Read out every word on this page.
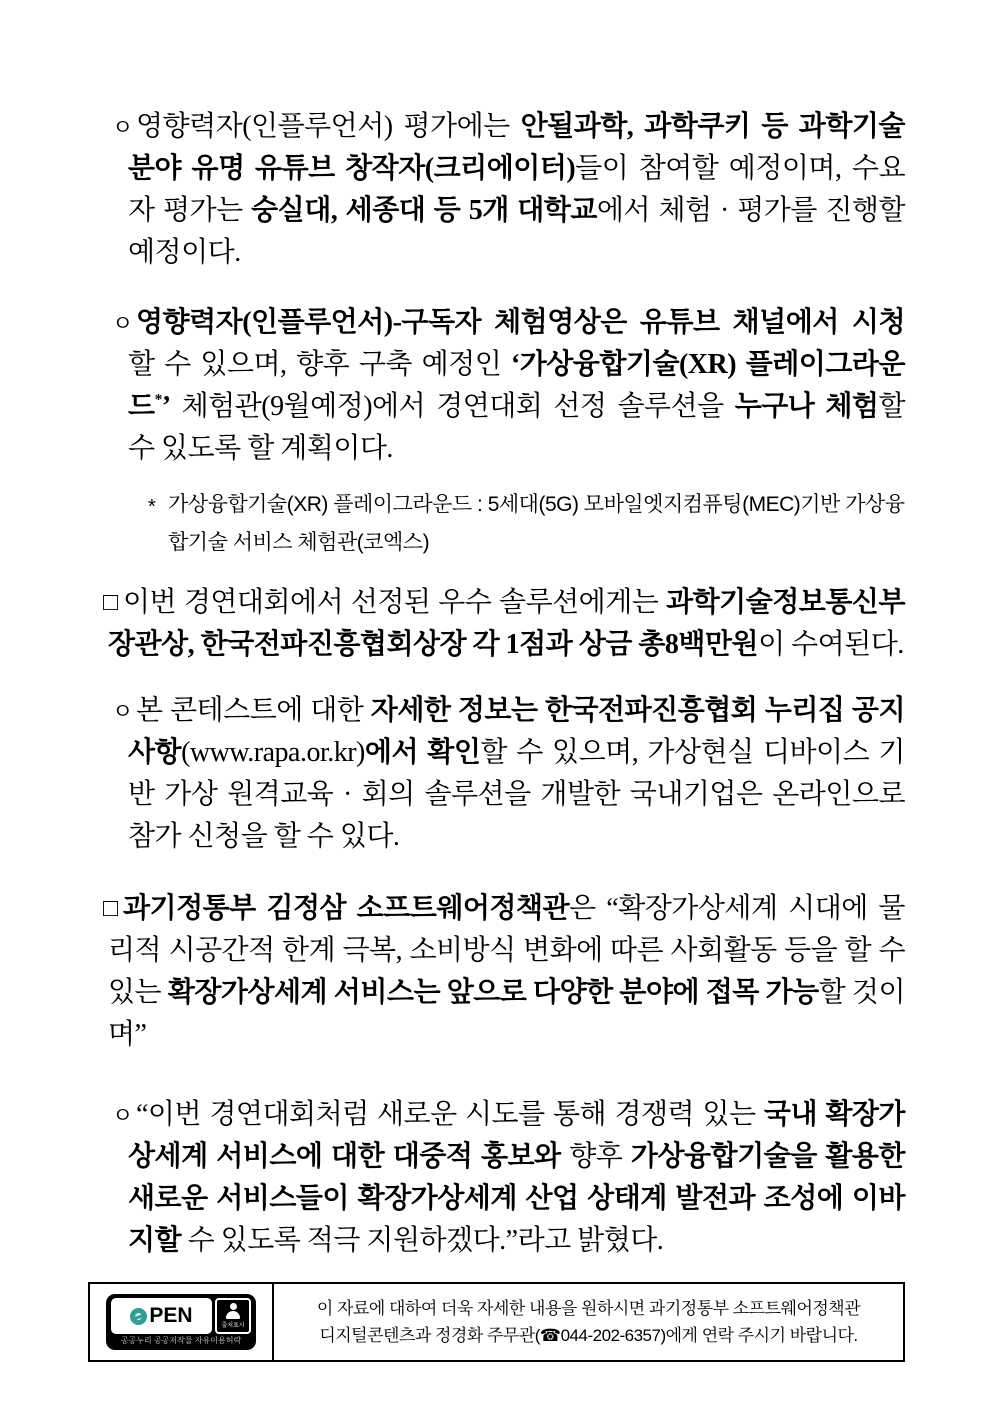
ㅇ 영향력자(인플루언서) 평가에는 안될과학, 과학쿠키 등 과학기술 분야 유명 유튜브 창작자(크리에이터)들이 참여할 예정이며, 수요자 평가는 숭실대, 세종대 등 5개 대학교에서 체험 · 평가를 진행할 예정이다.
ㅇ 영향력자(인플루언서)-구독자 체험영상은 유튜브 채널에서 시청할 수 있으며, 향후 구축 예정인 ‘가상융합기술(XR) 플레이그라운드*’ 체험관(9월예정)에서 경연대회 선정 솔루션을 누구나 체험할 수 있도록 할 계획이다.
* 가상융합기술(XR) 플레이그라운드 : 5세대(5G) 모바일엣지컴퓨팅(MEC)기반 가상융합기술 서비스 체험관(코엑스)
□ 이번 경연대회에서 선정된 우수 솔루션에게는 과학기술정보통신부 장관상, 한국전파진흥협회상장 각 1점과 상금 총8백만원이 수여된다.
ㅇ 본 콘테스트에 대한 자세한 정보는 한국전파진흥협회 누리집 공지사항(www.rapa.or.kr)에서 확인할 수 있으며, 가상현실 디바이스 기반 가상 원격교육 · 회의 솔루션을 개발한 국내기업은 온라인으로 참가 신청을 할 수 있다.
□ 과기정통부 김정삼 소프트웨어정책관은 “확장가상세계 시대에 물리적 시공간적 한계 극복, 소비방식 변화에 따른 사회활동 등을 할 수 있는 확장가상세계 서비스는 앞으로 다양한 분야에 접목 가능할 것이며”
ㅇ “이번 경연대회처럼 새로운 시도를 통해 경쟁력 있는 국내 확장가상세계 서비스에 대한 대중적 홍보와 향후 가상융합기술을 활용한 새로운 서비스들이 확장가상세계 산업 상태계 발전과 조성에 이바지할 수 있도록 적극 지원하겠다.”라고 밝혔다.
PEN	출처표시
공공누리 공공저작물 자유이용허락
이 자료에 대하여 더욱 자세한 내용을 원하시면 과기정통부 소프트웨어정책관
디지털콘텐츠과 정경화 주무관(☎044-202-6357)에게 연락 주시기 바랍니다.
